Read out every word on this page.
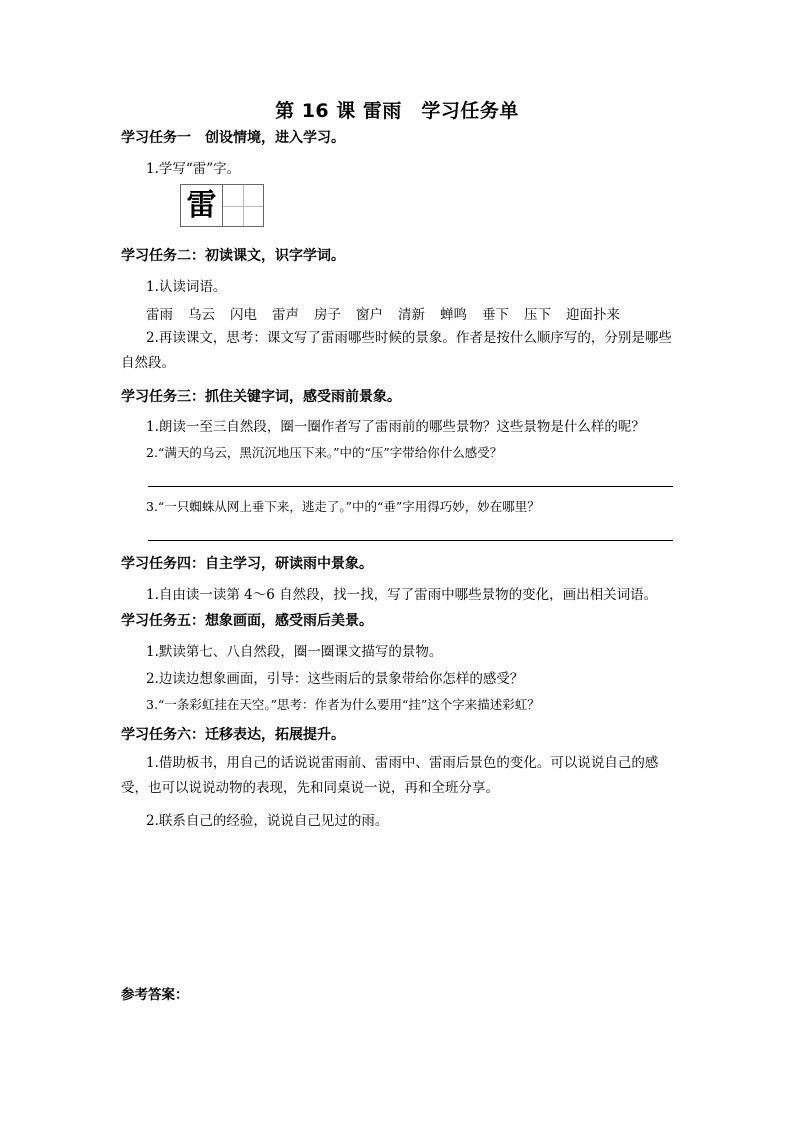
第 16 课 雷雨　学习任务单
学习任务一　创设情境，进入学习。
1.学写“雷”字。
雷
学习任务二：初读课文，识字学词。
1.认读词语。
雷雨 乌云 闪电 雷声 房子 窗户 清新 蝉鸣 垂下 压下 迎面扑来
2.再读课文，思考：课文写了雷雨哪些时候的景象。作者是按什么顺序写的，分别是哪些自然段。
学习任务三：抓住关键字词，感受雨前景象。
1.朗读一至三自然段，圈一圈作者写了雷雨前的哪些景物？这些景物是什么样的呢？
2.“满天的乌云，黑沉沉地压下来。”中的“压”字带给你什么感受？
3.“一只蜘蛛从网上垂下来，逃走了。”中的“垂”字用得巧妙，妙在哪里？
学习任务四：自主学习，研读雨中景象。
1.自由读一读第 4～6 自然段，找一找，写了雷雨中哪些景物的变化，画出相关词语。
学习任务五：想象画面，感受雨后美景。
1.默读第七、八自然段，圈一圈课文描写的景物。
2.边读边想象画面，引导：这些雨后的景象带给你怎样的感受？
3.“一条彩虹挂在天空。”思考：作者为什么要用“挂”这个字来描述彩虹？
学习任务六：迁移表达，拓展提升。
1.借助板书，用自己的话说说雷雨前、雷雨中、雷雨后景色的变化。可以说说自己的感受，也可以说说动物的表现，先和同桌说一说，再和全班分享。
2.联系自己的经验，说说自己见过的雨。
参考答案：
